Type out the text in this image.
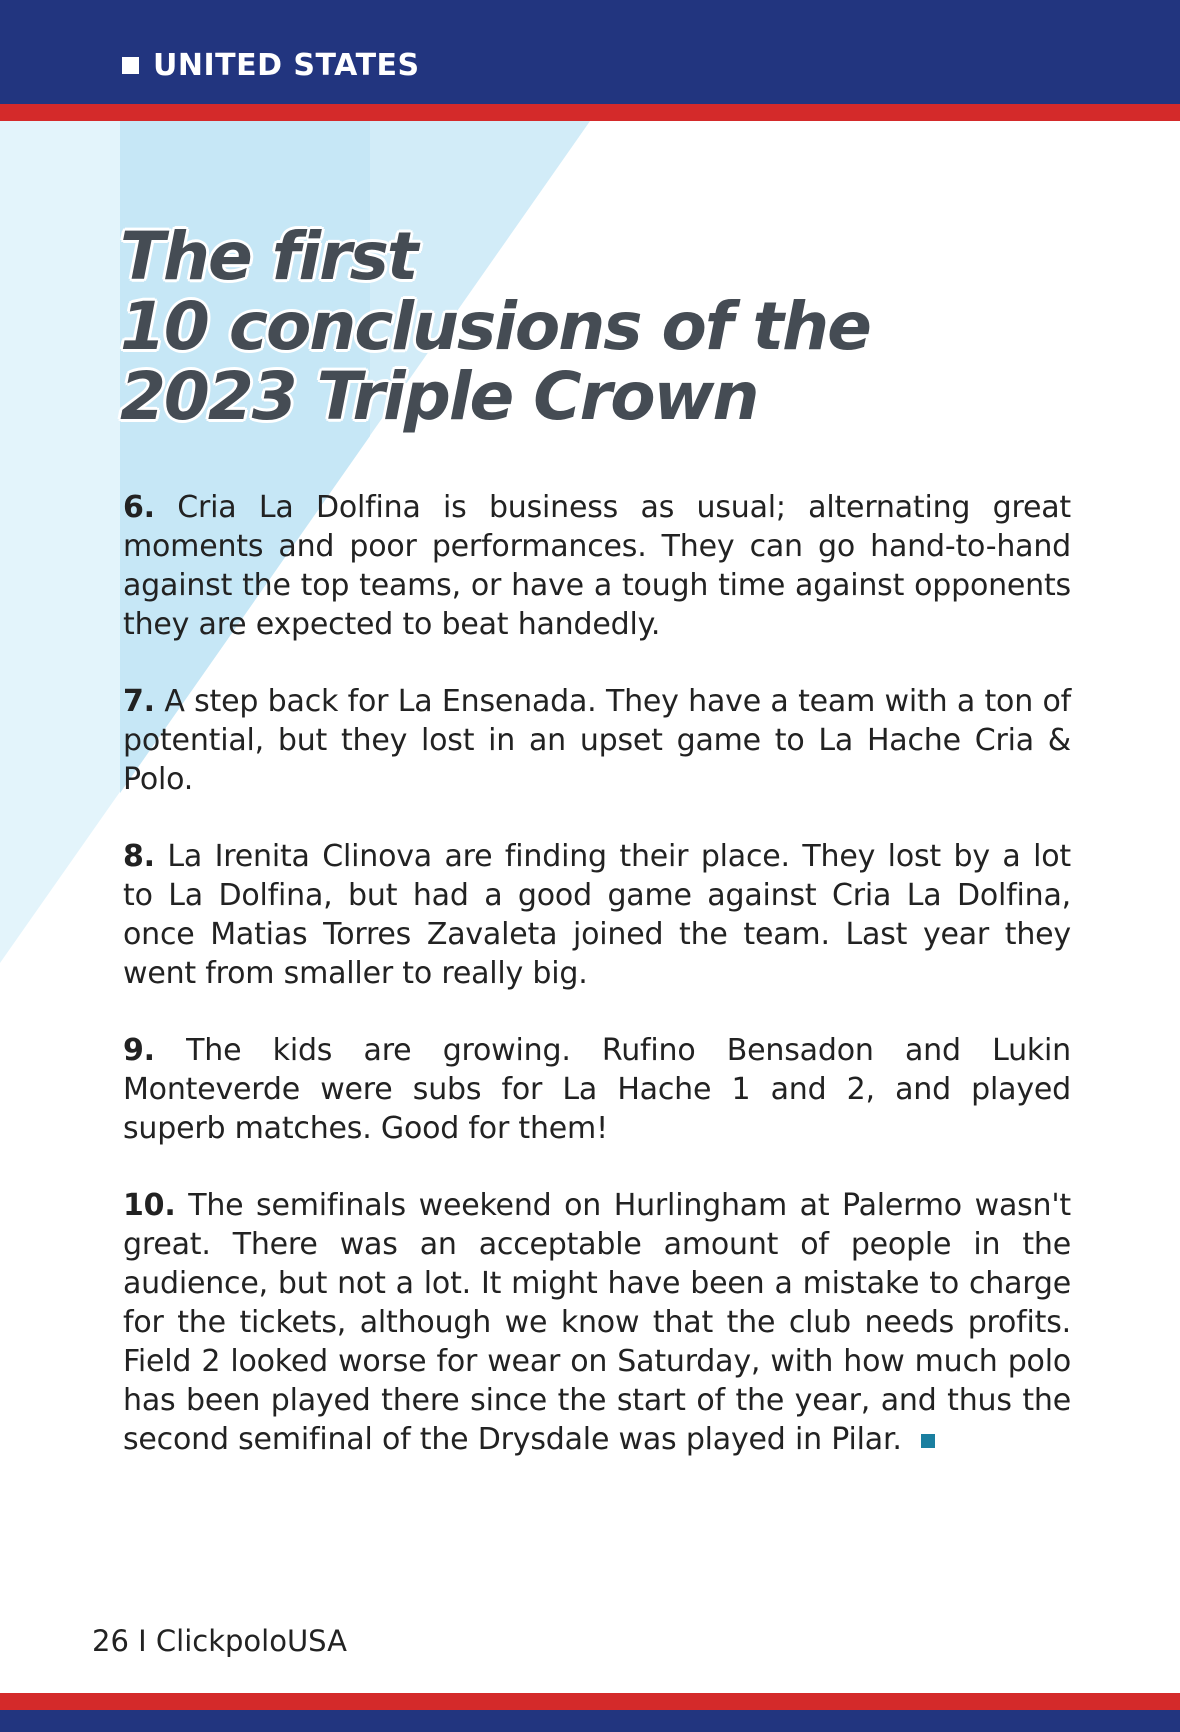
UNITED STATES
The first
10 conclusions of the
2023 Triple Crown

6. Cria La Dolfina is business as usual; alternating great moments and poor performances. They can go hand-to-hand against the top teams, or have a tough time against opponents they are expected to beat handedly.

7. A step back for La Ensenada. They have a team with a ton of potential, but they lost in an upset game to La Hache Cria & Polo.

8. La Irenita Clinova are finding their place. They lost by a lot to La Dolfina, but had a good game against Cria La Dolfina, once Matias Torres Zavaleta joined the team. Last year they went from smaller to really big.

9. The kids are growing. Rufino Bensadon and Lukin Monteverde were subs for La Hache 1 and 2, and played superb matches. Good for them!

10. The semifinals weekend on Hurlingham at Palermo wasn't great. There was an acceptable amount of people in the audience, but not a lot. It might have been a mistake to charge for the tickets, although we know that the club needs profits. Field 2 looked worse for wear on Saturday, with how much polo has been played there since the start of the year, and thus the second semifinal of the Drysdale was played in Pilar.

26 I ClickpoloUSA
